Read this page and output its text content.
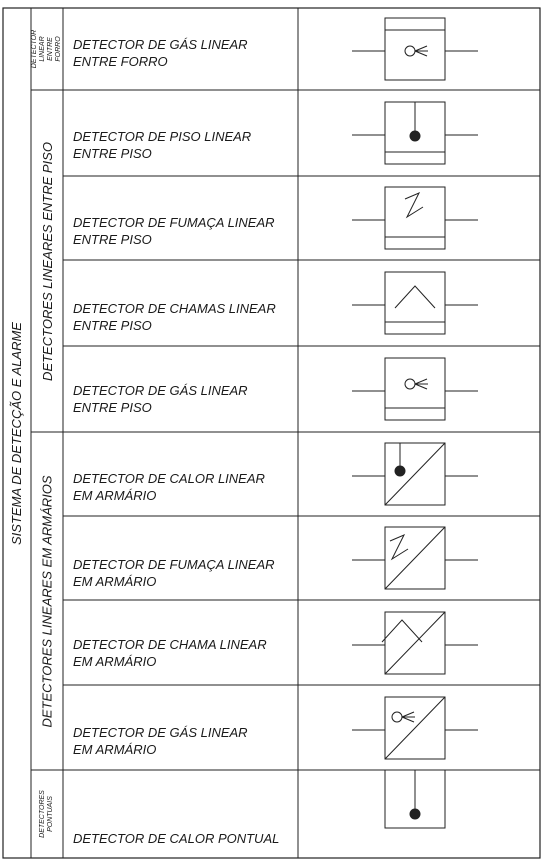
SISTEMA DE DETECÇÃO E ALARME
DETECTOR LINEAR ENTRE FORRO
DETECTORES LINEARES ENTRE PISO
DETECTORES LINEARES EM ARMÁRIOS
DETECTORES PONTUAIS
DETECTOR DE GÁS LINEAR
ENTRE FORRO
DETECTOR DE PISO LINEAR
ENTRE PISO
DETECTOR DE FUMAÇA LINEAR
ENTRE PISO
DETECTOR DE CHAMAS LINEAR
ENTRE PISO
DETECTOR DE GÁS LINEAR
ENTRE PISO
DETECTOR DE CALOR LINEAR
EM ARMÁRIO
DETECTOR DE FUMAÇA LINEAR
EM ARMÁRIO
DETECTOR DE CHAMA LINEAR
EM ARMÁRIO
DETECTOR DE GÁS LINEAR
EM ARMÁRIO
DETECTOR DE CALOR PONTUAL
